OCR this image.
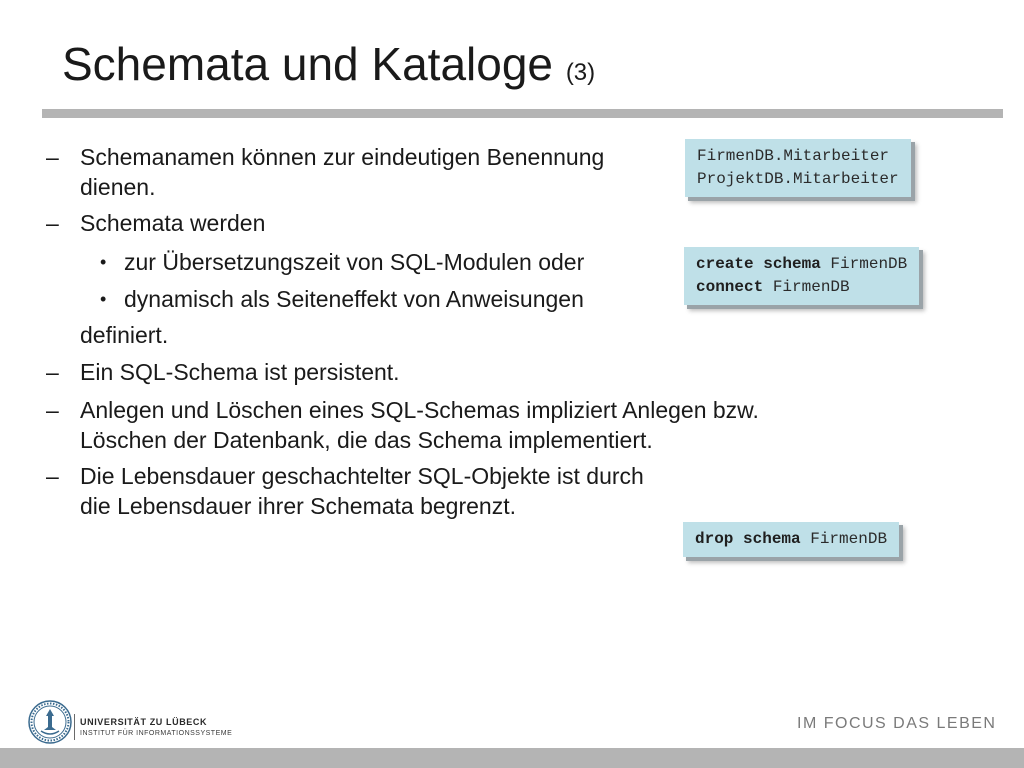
Schemata und Kataloge (3)
– Schemanamen können zur eindeutigen Benennung
dienen.
– Schemata werden
• zur Übersetzungszeit von SQL-Modulen oder
• dynamisch als Seiteneffekt von Anweisungen
definiert.
– Ein SQL-Schema ist persistent.
– Anlegen und Löschen eines SQL-Schemas impliziert Anlegen bzw.
Löschen der Datenbank, die das Schema implementiert.
– Die Lebensdauer geschachtelter SQL-Objekte ist durch
die Lebensdauer ihrer Schemata begrenzt.
FirmenDB.Mitarbeiter
ProjektDB.Mitarbeiter
create schema FirmenDB
connect FirmenDB
drop schema FirmenDB
UNIVERSITÄT ZU LÜBECK
INSTITUT FÜR INFORMATIONSSYSTEME
IM FOCUS DAS LEBEN
